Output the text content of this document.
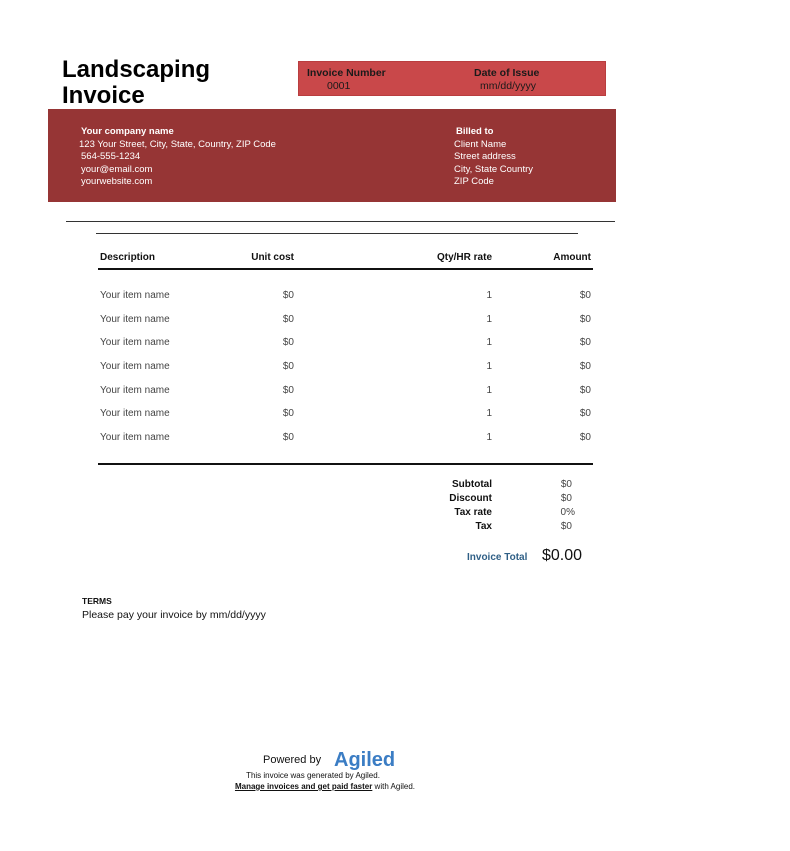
Landscaping
Invoice
Invoice Number
0001
Date of Issue
mm/dd/yyyy
Your company name
123 Your Street, City, State, Country, ZIP Code
564-555-1234
your@email.com
yourwebsite.com
Billed to
Client Name
Street address
City, State Country
ZIP Code
Description	Unit cost	Qty/HR rate	Amount
Your item name	$0	1	$0
Your item name	$0	1	$0
Your item name	$0	1	$0
Your item name	$0	1	$0
Your item name	$0	1	$0
Your item name	$0	1	$0
Your item name	$0	1	$0
Subtotal	$0
Discount	$0
Tax rate	0%
Tax	$0
Invoice Total $0.00
TERMS
Please pay your invoice by mm/dd/yyyy
Powered by Agiled
This invoice was generated by Agiled.
Manage invoices and get paid faster with Agiled.
